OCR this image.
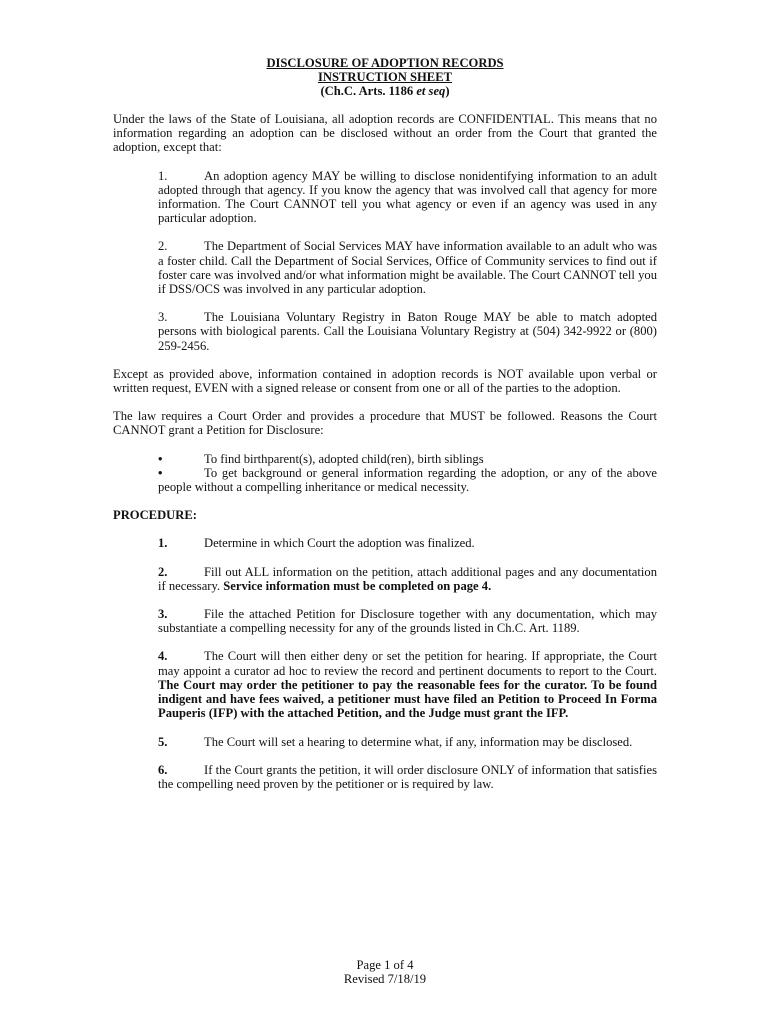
DISCLOSURE OF ADOPTION RECORDS
INSTRUCTION SHEET
(Ch.C. Arts. 1186 et seq)

Under the laws of the State of Louisiana, all adoption records are CONFIDENTIAL. This means that no information regarding an adoption can be disclosed without an order from the Court that granted the adoption, except that:

1.	An adoption agency MAY be willing to disclose nonidentifying information to an adult adopted through that agency. If you know the agency that was involved call that agency for more information. The Court CANNOT tell you what agency or even if an agency was used in any particular adoption.
2.	The Department of Social Services MAY have information available to an adult who was a foster child. Call the Department of Social Services, Office of Community services to find out if foster care was involved and/or what information might be available. The Court CANNOT tell you if DSS/OCS was involved in any particular adoption.
3.	The Louisiana Voluntary Registry in Baton Rouge MAY be able to match adopted persons with biological parents. Call the Louisiana Voluntary Registry at (504) 342-9922 or (800) 259-2456.

Except as provided above, information contained in adoption records is NOT available upon verbal or written request, EVEN with a signed release or consent from one or all of the parties to the adoption.

The law requires a Court Order and provides a procedure that MUST be followed. Reasons the Court CANNOT grant a Petition for Disclosure:

•	To find birthparent(s), adopted child(ren), birth siblings
•	To get background or general information regarding the adoption, or any of the above people without a compelling inheritance or medical necessity.
PROCEDURE:
1.	Determine in which Court the adoption was finalized.
2.	Fill out ALL information on the petition, attach additional pages and any documentation if necessary. Service information must be completed on page 4.
3.	File the attached Petition for Disclosure together with any documentation, which may substantiate a compelling necessity for any of the grounds listed in Ch.C. Art. 1189.
4.	The Court will then either deny or set the petition for hearing. If appropriate, the Court may appoint a curator ad hoc to review the record and pertinent documents to report to the Court. The Court may order the petitioner to pay the reasonable fees for the curator. To be found indigent and have fees waived, a petitioner must have filed an Petition to Proceed In Forma Pauperis (IFP) with the attached Petition, and the Judge must grant the IFP.
5.	The Court will set a hearing to determine what, if any, information may be disclosed.
6.	If the Court grants the petition, it will order disclosure ONLY of information that satisfies the compelling need proven by the petitioner or is required by law.
Page 1 of 4
Revised 7/18/19
